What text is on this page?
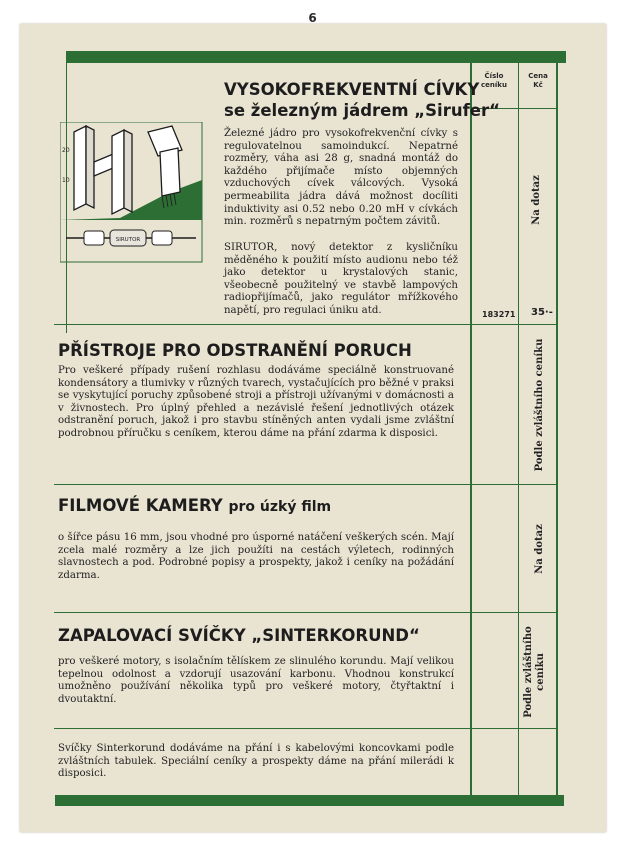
6
Číslo ceníku
Cena Kč
VYSOKOFREKVENTNÍ CÍVKY
se železným jádrem „Sirufer“
Železné jádro pro vysokofrekvenční cívky s regulovatelnou samoindukcí. Nepatrné rozměry, váha asi 28 g, snadná montáž do každého přijímače místo objemných vzduchových cívek válcových. Vysoká permeabilita jádra dává možnost docíliti induktivity asi 0.52 nebo 0.20 mH v cívkách min. rozměrů s nepatrným počtem závitů.
SIRUTOR, nový detektor z kysličníku měděného k použití místo audionu nebo též jako detektor u krystalových stanic, všeobecně použitelný ve stavbě lampových radiopřijímačů, jako regulátor mřížkového napětí, pro regulaci úniku atd.
20
10
SIRUTOR
183271 35·-
Na dotaz
PŘÍSTROJE PRO ODSTRANĚNÍ PORUCH
Pro veškeré případy rušení rozhlasu dodáváme speciálně konstruované kondensátory a tlumivky v různých tvarech, vystačujících pro běžné v praksi se vyskytující poruchy způsobené stroji a přístroji užívanými v domácnosti a v živnostech. Pro úplný přehled a nezávislé řešení jednotlivých otázek odstranění poruch, jakož i pro stavbu stíněných anten vydali jsme zvláštní podrobnou příručku s ceníkem, kterou dáme na přání zdarma k disposici.	Podle zvláštního ceníku
FILMOVÉ KAMERY pro úzký film
o šířce pásu 16 mm, jsou vhodné pro úsporné natáčení veškerých scén. Mají zcela malé rozměry a lze jich použíti na cestách výletech, rodinných slavnostech a pod. Podrobné popisy a prospekty, jakož i ceníky na požádání zdarma.
Na dotaz
ZAPALOVACÍ SVÍČKY „SINTERKORUND“
pro veškeré motory, s isolačním tělískem ze slinulého korundu. Mají velikou tepelnou odolnost a vzdorují usazování karbonu. Vhodnou konstrukcí umožněno používání několika typů pro veškeré motory, čtyřtaktní i dvoutaktní.	Podle zvláštního
ceníku
Svíčky Sinterkorund dodáváme na přání i s kabelovými koncovkami podle zvláštních tabulek. Speciální ceníky a prospekty dáme na přání milerádi k disposici.
